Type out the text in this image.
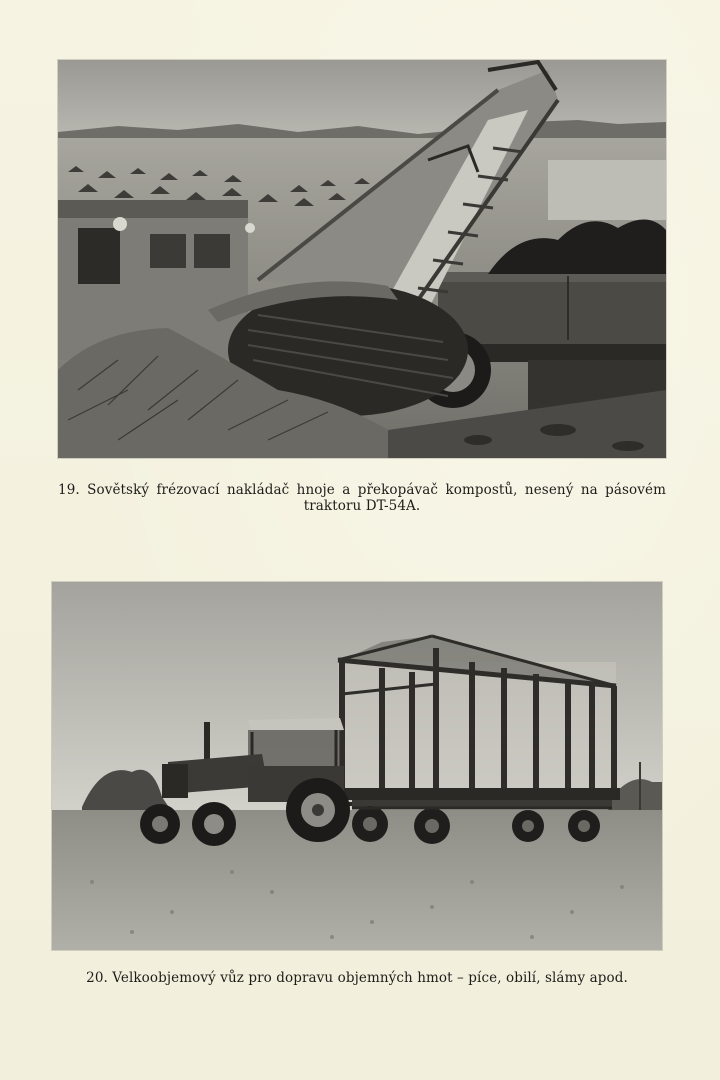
19. Sovětský frézovací nakládač hnoje a překopávač kompostů, nesený na pásovém traktoru DT-54A.
20. Velkoobjemový vůz pro dopravu objemných hmot – píce, obilí, slámy apod.
